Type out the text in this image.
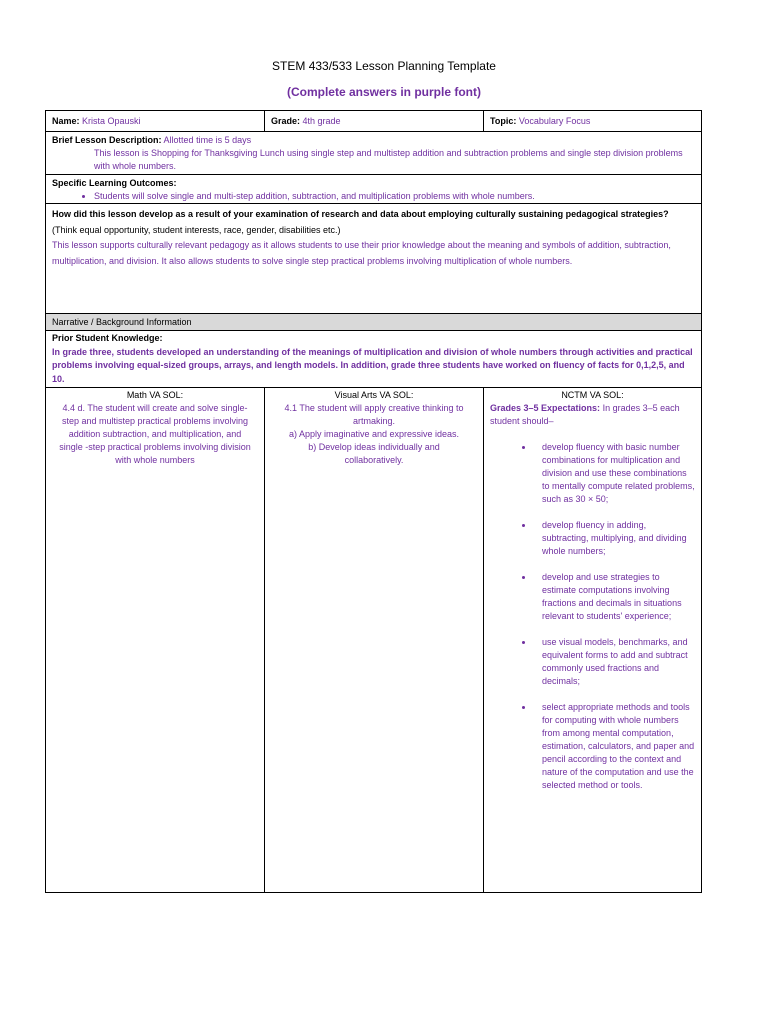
STEM 433/533 Lesson Planning Template
(Complete answers in purple font)
Name: Krista Opauski	Grade: 4th grade	Topic: Vocabulary Focus
Brief Lesson Description: Allotted time is 5 days
This lesson is Shopping for Thanksgiving Lunch using single step and multistep addition and subtraction problems and single step division problems with whole numbers.
Specific Learning Outcomes:
• Students will solve single and multi-step addition, subtraction, and multiplication problems with whole numbers.
How did this lesson develop as a result of your examination of research and data about employing culturally sustaining pedagogical strategies? (Think equal opportunity, student interests, race, gender, disabilities etc.)
This lesson supports culturally relevant pedagogy as it allows students to use their prior knowledge about the meaning and symbols of addition, subtraction, multiplication, and division. It also allows students to solve single step practical problems involving multiplication of whole numbers.
Narrative / Background Information
Prior Student Knowledge:
In grade three, students developed an understanding of the meanings of multiplication and division of whole numbers through activities and practical problems involving equal-sized groups, arrays, and length models. In addition, grade three students have worked on fluency of facts for 0,1,2,5, and 10.
Math VA SOL:
4.4 d. The student will create and solve single-step and multistep practical problems involving addition subtraction, and multiplication, and single -step practical problems involving division with whole numbers
Visual Arts VA SOL:
4.1 The student will apply creative thinking to artmaking.
a) Apply imaginative and expressive ideas.
b) Develop ideas individually and collaboratively.
NCTM VA SOL:
Grades 3–5 Expectations: In grades 3–5 each student should–
• develop fluency with basic number combinations for multiplication and division and use these combinations to mentally compute related problems, such as 30 × 50;
• develop fluency in adding, subtracting, multiplying, and dividing whole numbers;
• develop and use strategies to estimate computations involving fractions and decimals in situations relevant to students' experience;
• use visual models, benchmarks, and equivalent forms to add and subtract commonly used fractions and decimals;
• select appropriate methods and tools for computing with whole numbers from among mental computation, estimation, calculators, and paper and pencil according to the context and nature of the computation and use the selected method or tools.
